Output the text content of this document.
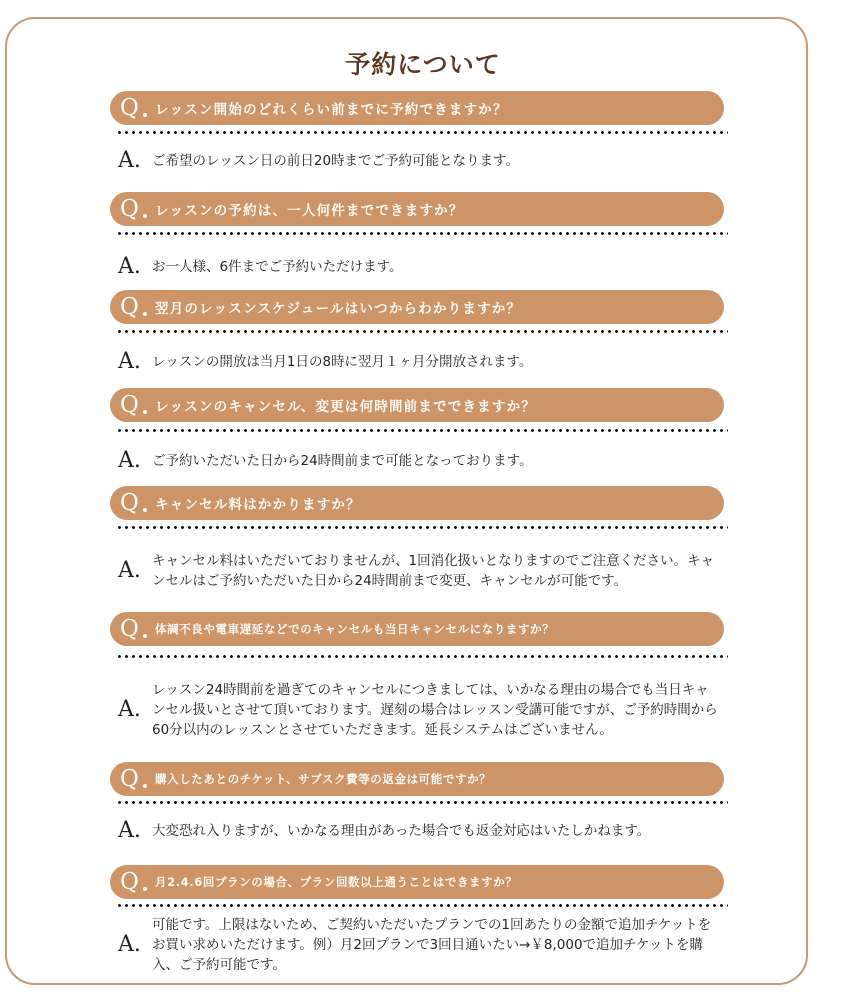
予約について
Q レッスン開始のどれくらい前までに予約できますか？
A. ご希望のレッスン日の前日20時までご予約可能となります。
Q レッスンの予約は、一人何件までできますか？
A. お一人様、6件までご予約いただけます。
Q 翌月のレッスンスケジュールはいつからわかりますか？
A. レッスンの開放は当月1日の8時に翌月１ヶ月分開放されます。
Q レッスンのキャンセル、変更は何時間前までできますか？
A. ご予約いただいた日から24時間前まで可能となっております。
Q キャンセル料はかかりますか？
A. キャンセル料はいただいておりませんが、1回消化扱いとなりますのでご注意ください。キャンセルはご予約いただいた日から24時間前まで変更、キャンセルが可能です。
Q 体調不良や電車遅延などでのキャンセルも当日キャンセルになりますか？
A.
レッスン24時間前を過ぎてのキャンセルにつきましては、いかなる理由の場合でも当日キャンセル扱いとさせて頂いております。遅刻の場合はレッスン受講可能ですが、ご予約時間から60分以内のレッスンとさせていただきます。延長システムはございません。
Q 購入したあとのチケット、サブスク費等の返金は可能ですか？
A. 大変恐れ入りますが、いかなる理由があった場合でも返金対応はいたしかねます。
Q 月2.4.6回プランの場合、プラン回数以上通うことはできますか？
A.
可能です。上限はないため、ご契約いただいたプランでの1回あたりの金額で追加チケットをお買い求めいただけます。例）月2回プランで3回目通いたい→￥8,000で追加チケットを購入、ご予約可能です。
